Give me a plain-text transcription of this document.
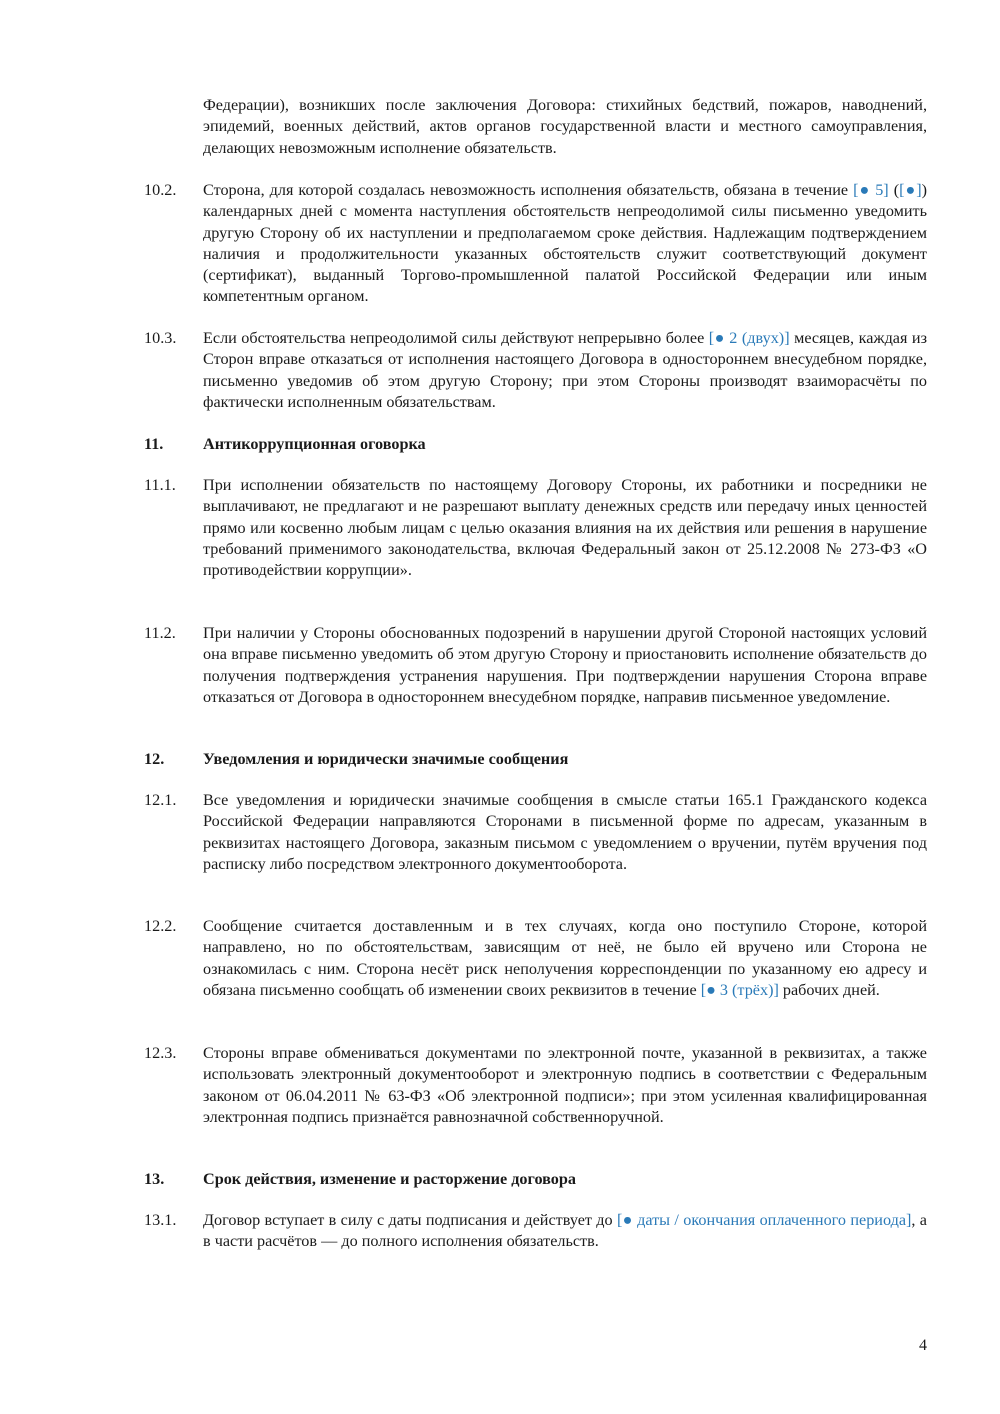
Федерации), возникших после заключения Договора: стихийных бедствий, пожаров, наводнений, эпидемий, военных действий, актов органов государственной власти и местного самоуправления, делающих невозможным исполнение обязательств.
10.2.	Сторона, для которой создалась невозможность исполнения обязательств, обязана в течение [● 5] ([●]) календарных дней с момента наступления обстоятельств непреодолимой силы письменно уведомить другую Сторону об их наступлении и предполагаемом сроке действия. Надлежащим подтверждением наличия и продолжительности указанных обстоятельств служит соответствующий документ (сертификат), выданный Торгово-промышленной палатой Российской Федерации или иным компетентным органом.
10.3.	Если обстоятельства непреодолимой силы действуют непрерывно более [● 2 (двух)] месяцев, каждая из Сторон вправе отказаться от исполнения настоящего Договора в одностороннем внесудебном порядке, письменно уведомив об этом другую Сторону; при этом Стороны производят взаиморасчёты по фактически исполненным обязательствам.
11.	Антикоррупционная оговорка
11.1.	При исполнении обязательств по настоящему Договору Стороны, их работники и посредники не выплачивают, не предлагают и не разрешают выплату денежных средств или передачу иных ценностей прямо или косвенно любым лицам с целью оказания влияния на их действия или решения в нарушение требований применимого законодательства, включая Федеральный закон от 25.12.2008 № 273-ФЗ «О противодействии коррупции».
11.2.	При наличии у Стороны обоснованных подозрений в нарушении другой Стороной настоящих условий она вправе письменно уведомить об этом другую Сторону и приостановить исполнение обязательств до получения подтверждения устранения нарушения. При подтверждении нарушения Сторона вправе отказаться от Договора в одностороннем внесудебном порядке, направив письменное уведомление.
12.	Уведомления и юридически значимые сообщения
12.1.	Все уведомления и юридически значимые сообщения в смысле статьи 165.1 Гражданского кодекса Российской Федерации направляются Сторонами в письменной форме по адресам, указанным в реквизитах настоящего Договора, заказным письмом с уведомлением о вручении, путём вручения под расписку либо посредством электронного документооборота.
12.2.	Сообщение считается доставленным и в тех случаях, когда оно поступило Стороне, которой направлено, но по обстоятельствам, зависящим от неё, не было ей вручено или Сторона не ознакомилась с ним. Сторона несёт риск неполучения корреспонденции по указанному ею адресу и обязана письменно сообщать об изменении своих реквизитов в течение [● 3 (трёх)] рабочих дней.
12.3.	Стороны вправе обмениваться документами по электронной почте, указанной в реквизитах, а также использовать электронный документооборот и электронную подпись в соответствии с Федеральным законом от 06.04.2011 № 63-ФЗ «Об электронной подписи»; при этом усиленная квалифицированная электронная подпись признаётся равнозначной собственноручной.
13.	Срок действия, изменение и расторжение договора
13.1.	Договор вступает в силу с даты подписания и действует до [● даты / окончания оплаченного периода], а в части расчётов — до полного исполнения обязательств.
4
